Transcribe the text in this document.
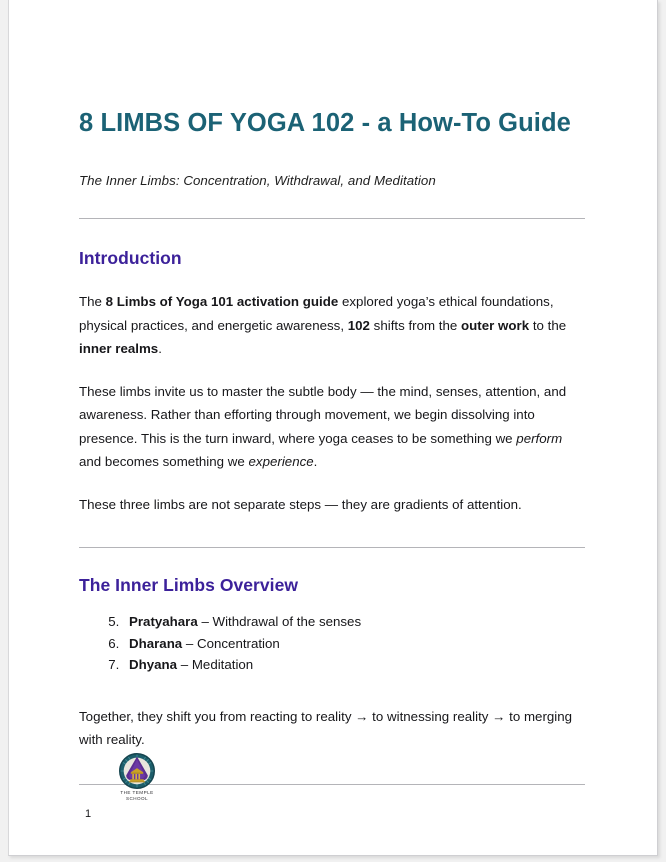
8 LIMBS OF YOGA 102 - a How-To Guide

The Inner Limbs: Concentration, Withdrawal, and Meditation

Introduction

The 8 Limbs of Yoga 101 activation guide explored yoga’s ethical foundations, physical practices, and energetic awareness, 102 shifts from the outer work to the inner realms.

These limbs invite us to master the subtle body — the mind, senses, attention, and awareness. Rather than efforting through movement, we begin dissolving into presence. This is the turn inward, where yoga ceases to be something we perform and becomes something we experience.

These three limbs are not separate steps — they are gradients of attention.

The Inner Limbs Overview
5. Pratyahara – Withdrawal of the senses
6. Dharana – Concentration
7. Dhyana – Meditation

Together, they shift you from reacting to reality → to witnessing reality → to merging with reality.

THE TEMPLE
SCHOOL
1
